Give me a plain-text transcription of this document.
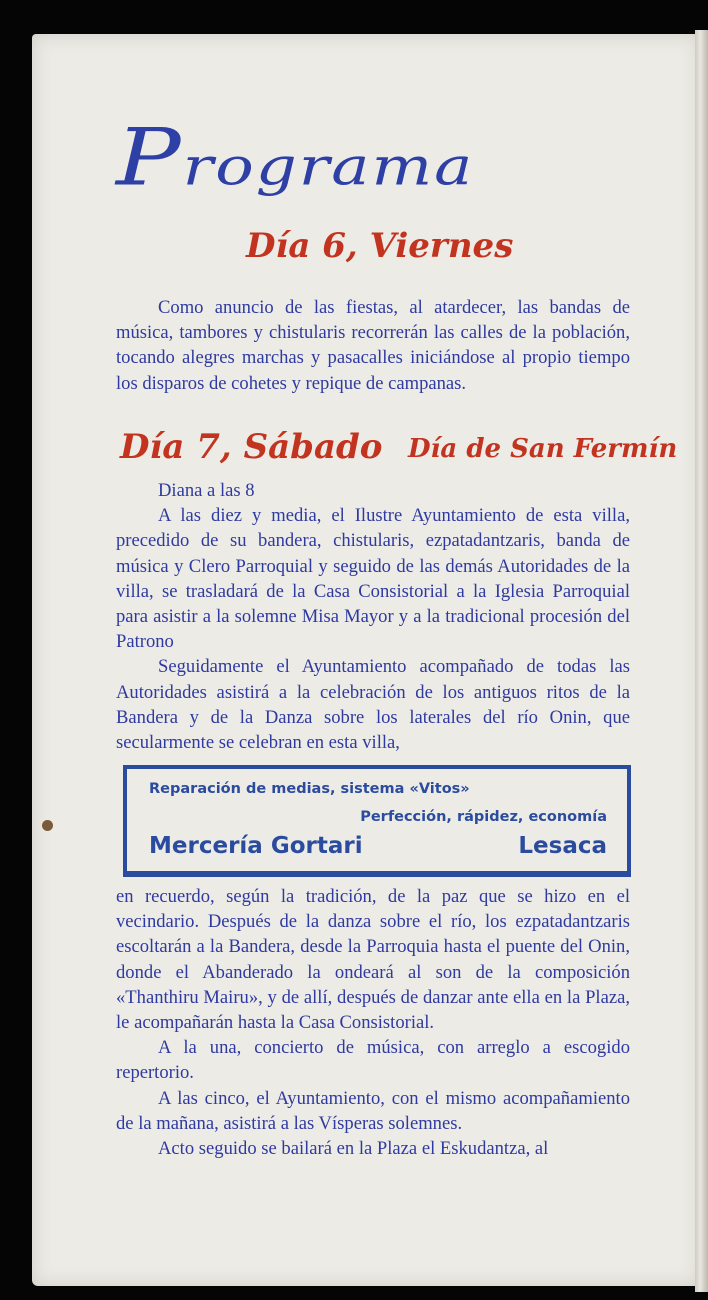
Programa
Día 6, Viernes

Como anuncio de las fiestas, al atardecer, las bandas de música, tambores y chistularis recorrerán las calles de la población, tocando alegres marchas y pasacalles iniciándose al propio tiempo los disparos de cohetes y repique de campanas.

Día 7, Sábado Día de San Fermín

Diana a las 8

A las diez y media, el Ilustre Ayuntamiento de esta villa, precedido de su bandera, chistularis, ezpatadantzaris, banda de música y Clero Parroquial y seguido de las demás Autoridades de la villa, se trasladará de la Casa Consistorial a la Iglesia Parroquial para asistir a la solemne Misa Mayor y a la tradicional procesión del Patrono

Seguidamente el Ayuntamiento acompañado de todas las Autoridades asistirá a la celebración de los antiguos ritos de la Bandera y de la Danza sobre los laterales del río Onin, que secularmente se celebran en esta villa,

Reparación de medias, sistema «Vitos»
Perfección, rápidez, economía
Mercería Gortari	Lesaca

en recuerdo, según la tradición, de la paz que se hizo en el vecindario. Después de la danza sobre el río, los ezpatadantzaris escoltarán a la Bandera, desde la Parroquia hasta el puente del Onin, donde el Abanderado la ondeará al son de la composición «Thanthiru Mairu», y de allí, después de danzar ante ella en la Plaza, le acompañarán hasta la Casa Consistorial.

A la una, concierto de música, con arreglo a escogido repertorio.

A las cinco, el Ayuntamiento, con el mismo acompañamiento de la mañana, asistirá a las Vísperas solemnes.

Acto seguido se bailará en la Plaza el Eskudantza, al
